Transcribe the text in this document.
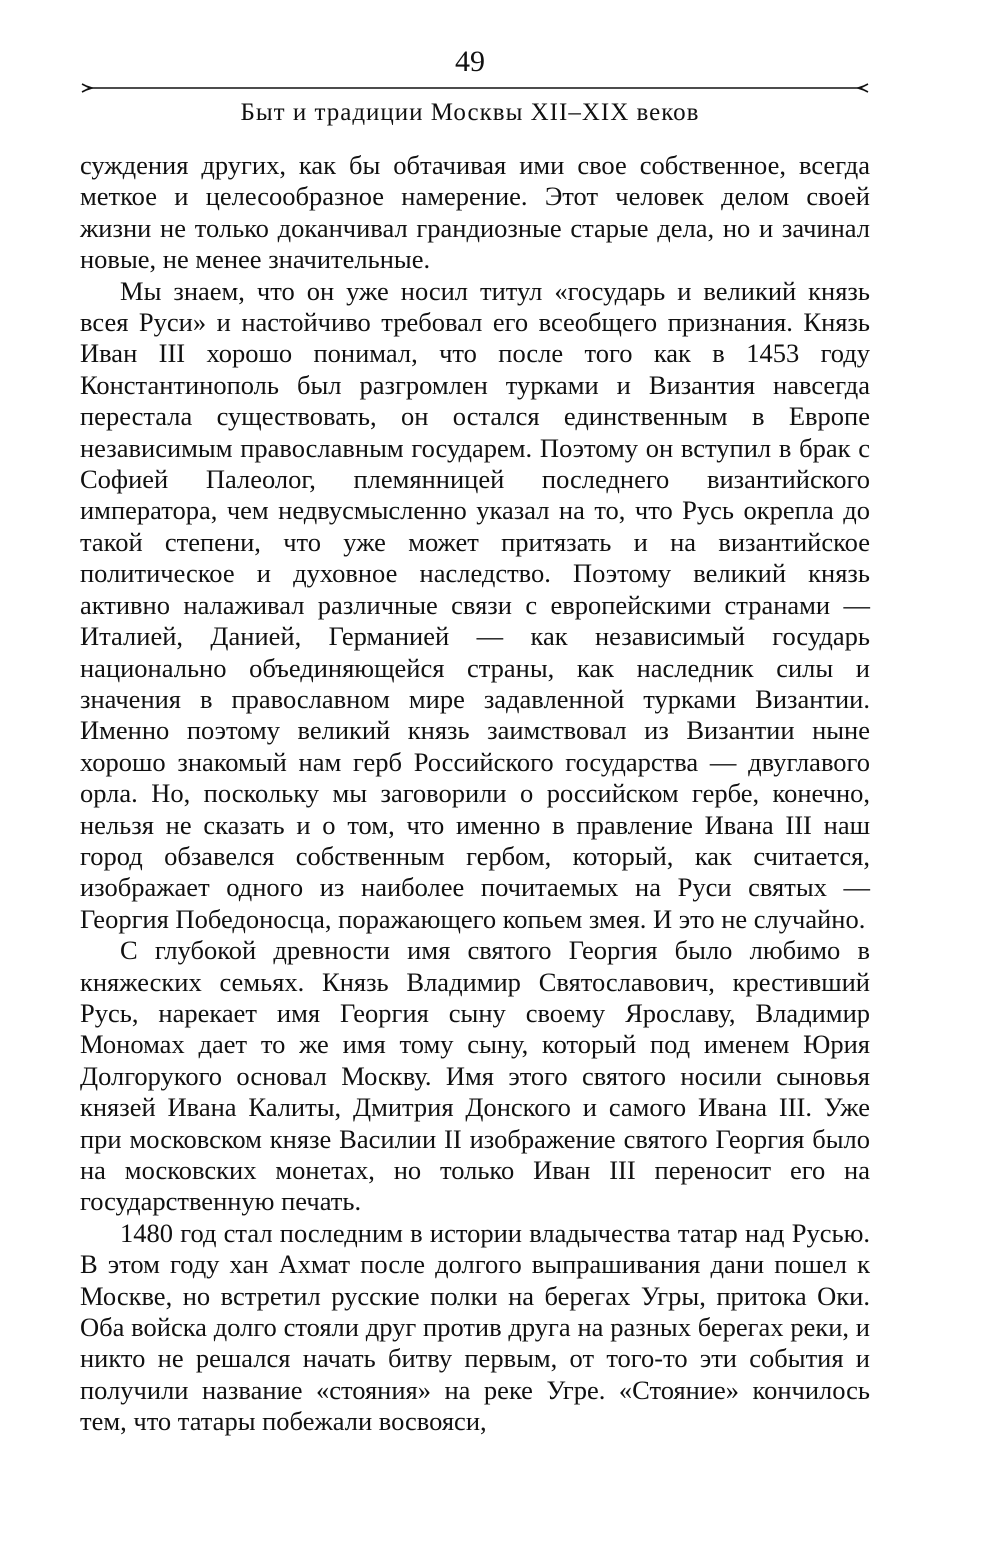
49
Быт и традиции Москвы XII–XIX веков

суждения других, как бы обтачивая ими свое собственное, всегда меткое и целесообразное намерение. Этот человек делом своей жизни не только доканчивал грандиозные старые дела, но и зачинал новые, не менее значительные.

Мы знаем, что он уже носил титул «государь и великий князь всея Руси» и настойчиво требовал его всеобщего признания. Князь Иван III хорошо понимал, что после того как в 1453 году Константинополь был разгромлен турками и Византия навсегда перестала существовать, он остался единственным в Европе независимым православным государем. Поэтому он вступил в брак с Софией Палеолог, племянницей последнего византийского императора, чем недвусмысленно указал на то, что Русь окрепла до такой степени, что уже может притязать и на византийское политическое и духовное наследство. Поэтому великий князь активно налаживал различные связи с европейскими странами — Италией, Данией, Германией — как независимый государь национально объединяющейся страны, как наследник силы и значения в православном мире задавленной турками Византии. Именно поэтому великий князь заимствовал из Византии ныне хорошо знакомый нам герб Российского государства — двуглавого орла. Но, поскольку мы заговорили о российском гербе, конечно, нельзя не сказать и о том, что именно в правление Ивана III наш город обзавелся собственным гербом, который, как считается, изображает одного из наиболее почитаемых на Руси святых — Георгия Победоносца, поражающего копьем змея. И это не случайно.

С глубокой древности имя святого Георгия было любимо в княжеских семьях. Князь Владимир Святославович, крестивший Русь, нарекает имя Георгия сыну своему Ярославу, Владимир Мономах дает то же имя тому сыну, который под именем Юрия Долгорукого основал Москву. Имя этого святого носили сыновья князей Ивана Калиты, Дмитрия Донского и самого Ивана III. Уже при московском князе Василии II изображение святого Георгия было на московских монетах, но только Иван III переносит его на государственную печать.

1480 год стал последним в истории владычества татар над Русью. В этом году хан Ахмат после долгого выпрашивания дани пошел к Москве, но встретил русские полки на берегах Угры, притока Оки. Оба войска долго стояли друг против друга на разных берегах реки, и никто не решался начать битву первым, от того-то эти события и получили название «стояния» на реке Угре. «Стояние» кончилось тем, что татары побежали восвояси,
